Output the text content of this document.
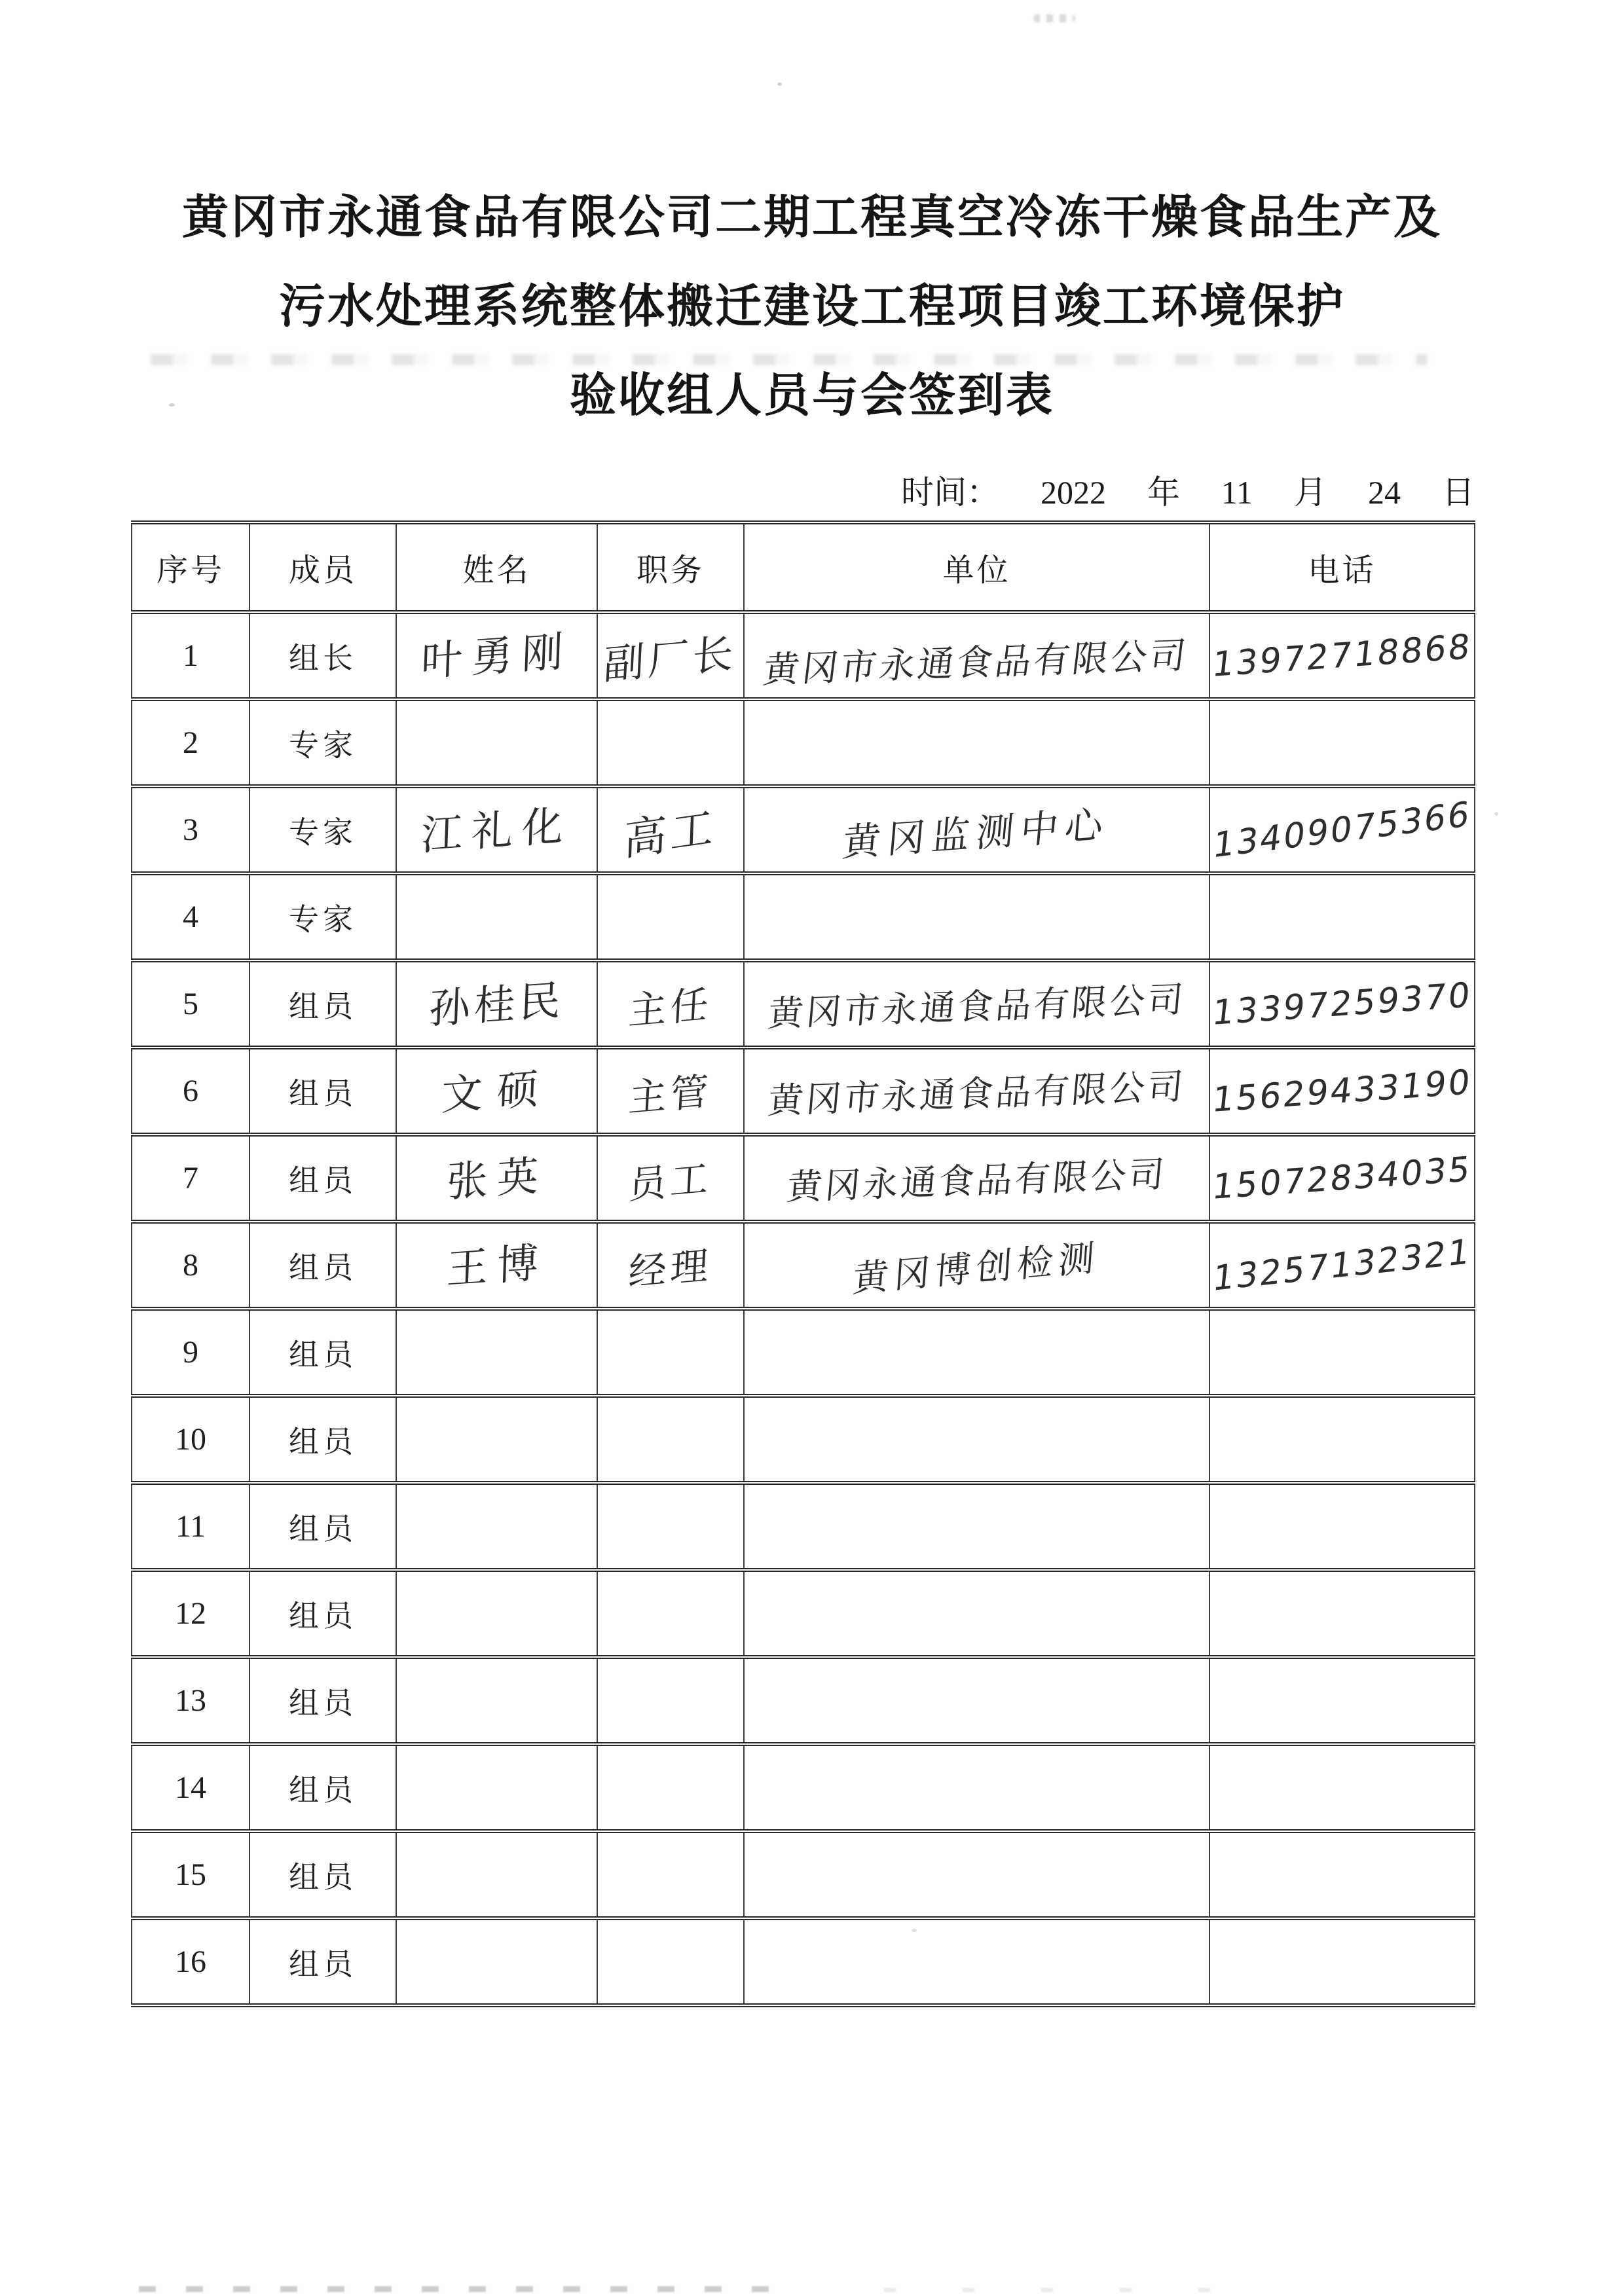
黄冈市永通食品有限公司二期工程真空冷冻干燥食品生产及
污水处理系统整体搬迁建设工程项目竣工环境保护
验收组人员与会签到表
时间： 2022 年 11 月 24 日
序号	成员	姓名	职务	单位	电话
1	组长	叶勇刚	副厂长	黄冈市永通食品有限公司	13972718868
2	专家				
3	专家	江礼化	高工	黄冈监测中心	13409075366
4	专家				
5	组员	孙桂民	主任	黄冈市永通食品有限公司	13397259370
6	组员	文硕	主管	黄冈市永通食品有限公司	15629433190
7	组员	张英	员工	黄冈永通食品有限公司	15072834035
8	组员	王博	经理	黄冈博创检测	13257132321
9	组员				
10	组员				
11	组员				
12	组员				
13	组员				
14	组员				
15	组员				
16	组员				
